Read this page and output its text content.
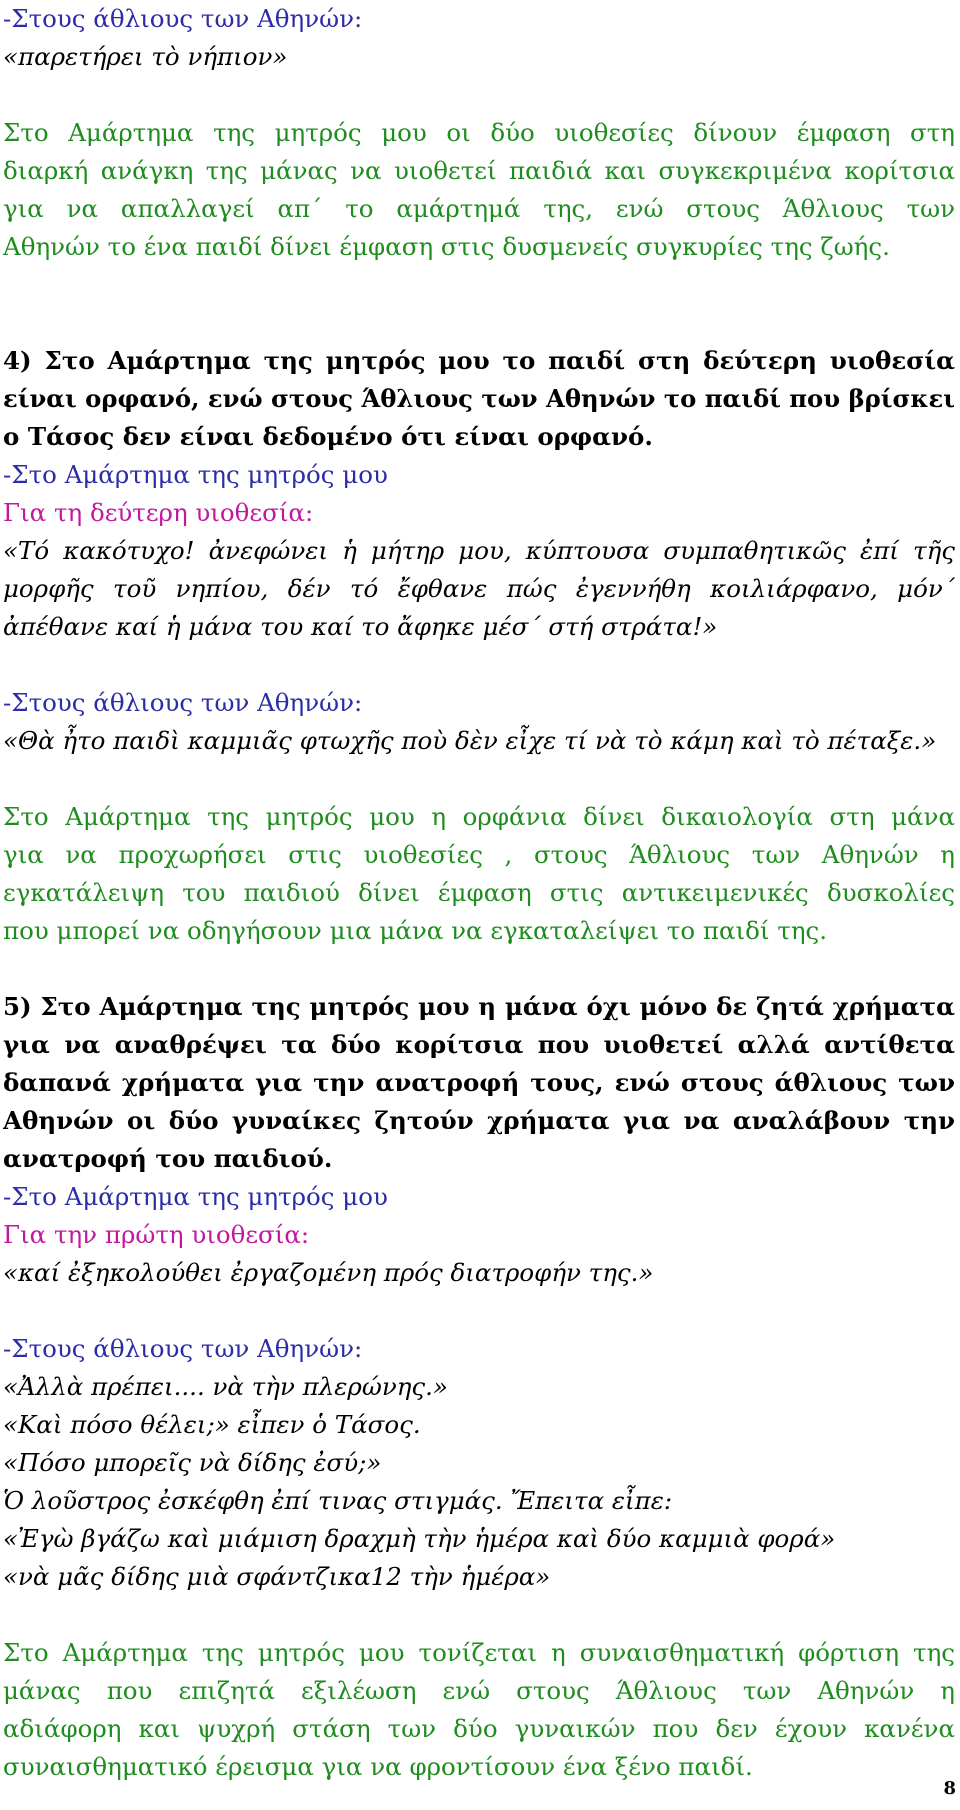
-Στους άθλιους των Αθηνών:
«παρετήρει τὸ νήπιον»
Στο Αμάρτημα της μητρός μου οι δύο υιοθεσίες δίνουν έμφαση στη
διαρκή ανάγκη της μάνας να υιοθετεί παιδιά και συγκεκριμένα κορίτσια
για να απαλλαγεί απ΄ το αμάρτημά της, ενώ στους Άθλιους των
Αθηνών το ένα παιδί δίνει έμφαση στις δυσμενείς συγκυρίες της ζωής.
4) Στο Αμάρτημα της μητρός μου το παιδί στη δεύτερη υιοθεσία
είναι ορφανό, ενώ στους Άθλιους των Αθηνών το παιδί που βρίσκει
ο Τάσος δεν είναι δεδομένο ότι είναι ορφανό.
-Στο Αμάρτημα της μητρός μου
Για τη δεύτερη υιοθεσία:
«Τό κακότυχο! ἀνεφώνει ἡ μήτηρ μου, κύπτουσα συμπαθητικῶς ἐπί τῆς
μορφῆς τοῦ νηπίου, δέν τό ἔφθανε πώς ἐγεννήθη κοιλιάρφανο, μόν΄
ἀπέθανε καί ἡ μάνα του καί το ἄφηκε μέσ΄ στή στράτα!»
-Στους άθλιους των Αθηνών:
«Θὰ ἦτο παιδὶ καμμιᾶς φτωχῆς ποὺ δὲν εἶχε τί νὰ τὸ κάμη καὶ τὸ πέταξε.»
Στο Αμάρτημα της μητρός μου η ορφάνια δίνει δικαιολογία στη μάνα
για να προχωρήσει στις υιοθεσίες , στους Άθλιους των Αθηνών η
εγκατάλειψη του παιδιού δίνει έμφαση στις αντικειμενικές δυσκολίες
που μπορεί να οδηγήσουν μια μάνα να εγκαταλείψει το παιδί της.
5) Στο Αμάρτημα της μητρός μου η μάνα όχι μόνο δε ζητά χρήματα
για να αναθρέψει τα δύο κορίτσια που υιοθετεί αλλά αντίθετα
δαπανά χρήματα για την ανατροφή τους, ενώ στους άθλιους των
Αθηνών οι δύο γυναίκες ζητούν χρήματα για να αναλάβουν την
ανατροφή του παιδιού.
-Στο Αμάρτημα της μητρός μου
Για την πρώτη υιοθεσία:
«καί ἐξηκολούθει ἐργαζομένη πρός διατροφήν της.»
-Στους άθλιους των Αθηνών:
«Ἀλλὰ πρέπει.... νὰ τὴν πλερώνης.»
«Καὶ πόσο θέλει;» εἶπεν ὁ Τάσος.
«Πόσο μπορεῖς νὰ δίδης ἐσύ;»
Ὁ λοῦστρος ἐσκέφθη ἐπί τινας στιγμάς. Ἔπειτα εἶπε:
«Ἐγὼ βγάζω καὶ μιάμιση δραχμὴ τὴν ἡμέρα καὶ δύο καμμιὰ φορά»
«νὰ μᾶς δίδης μιὰ σφάντζικα12 τὴν ἡμέρα»
Στο Αμάρτημα της μητρός μου τονίζεται η συναισθηματική φόρτιση της
μάνας που επιζητά εξιλέωση ενώ στους Άθλιους των Αθηνών η
αδιάφορη και ψυχρή στάση των δύο γυναικών που δεν έχουν κανένα
συναισθηματικό έρεισμα για να φροντίσουν ένα ξένο παιδί.
8
